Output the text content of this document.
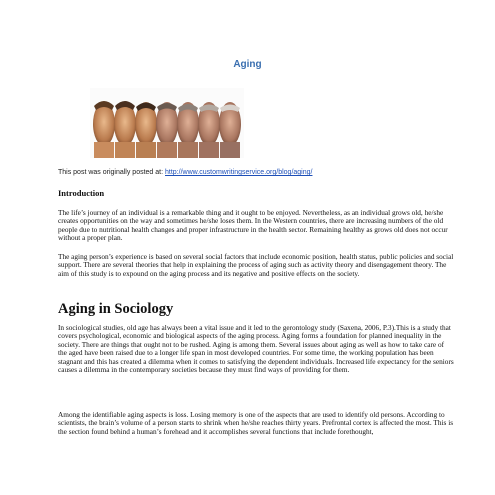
Aging
This post was originally posted at: http://www.customwritingservice.org/blog/aging/
Introduction

The life’s journey of an individual is a remarkable thing and it ought to be enjoyed. Nevertheless, as an individual grows old, he/she creates opportunities on the way and sometimes he/she loses them. In the Western countries, there are increasing numbers of the old people due to nutritional health changes and proper infrastructure in the health sector. Remaining healthy as grows old does not occur without a proper plan.

The aging person’s experience is based on several social factors that include economic position, health status, public policies and social support. There are several theories that help in explaining the process of aging such as activity theory and disengagement theory. The aim of this study is to expound on the aging process and its negative and positive effects on the society.

Aging in Sociology

In sociological studies, old age has always been a vital issue and it led to the gerontology study (Saxena, 2006, P.3).This is a study that covers psychological, economic and biological aspects of the aging process. Aging forms a foundation for planned inequality in the society. There are things that ought not to be rushed. Aging is among them. Several issues about aging as well as how to take care of the aged have been raised due to a longer life span in most developed countries. For some time, the working population has been stagnant and this has created a dilemma when it comes to satisfying the dependent individuals. Increased life expectancy for the seniors causes a dilemma in the contemporary societies because they must find ways of providing for them.

Among the identifiable aging aspects is loss. Losing memory is one of the aspects that are used to identify old persons. According to scientists, the brain’s volume of a person starts to shrink when he/she reaches thirty years. Prefrontal cortex is affected the most. This is the section found behind a human’s forehead and it accomplishes several functions that include forethought,
